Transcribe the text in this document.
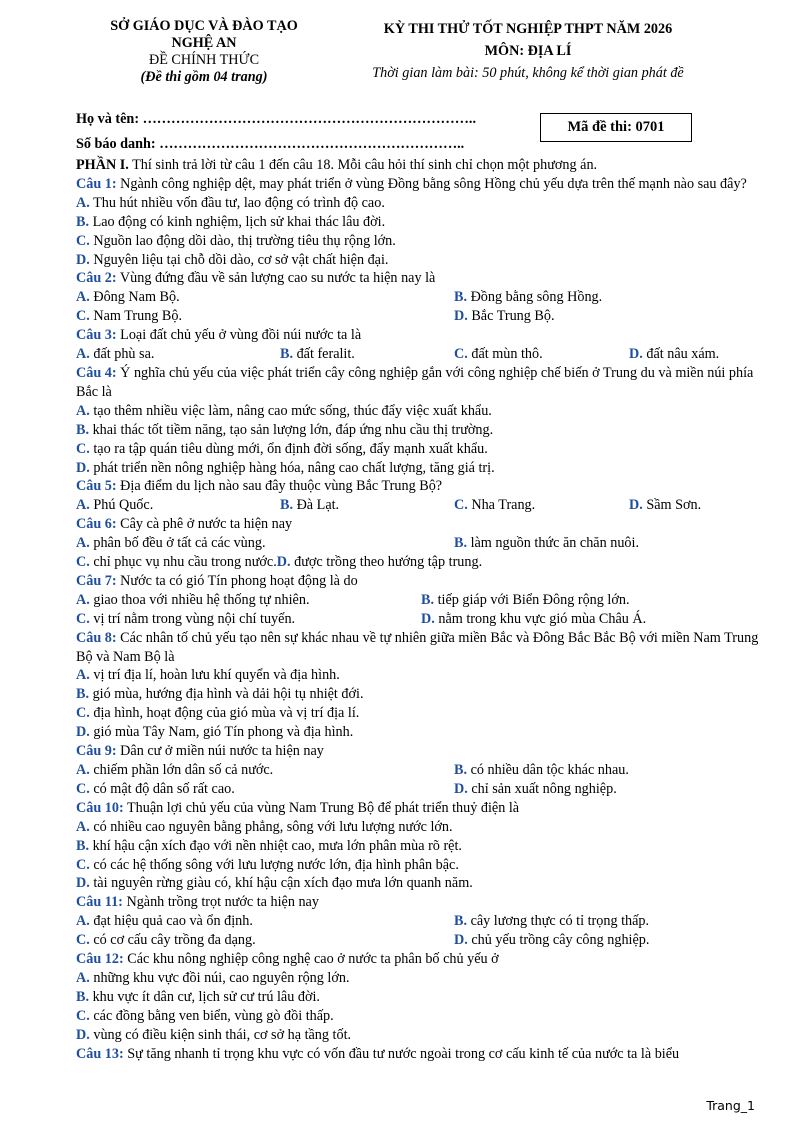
SỞ GIÁO DỤC VÀ ĐÀO TẠO
NGHỆ AN
ĐỀ CHÍNH THỨC
(Đề thi gồm 04 trang)
KỲ THI THỬ TỐT NGHIỆP THPT NĂM 2026
MÔN: ĐỊA LÍ
Thời gian làm bài: 50 phút, không kể thời gian phát đề
Họ và tên: ……………………………………………………………..
Số báo danh: ………………………………………………………..
Mã đề thi: 0701

PHẦN I. Thí sinh trả lời từ câu 1 đến câu 18. Mỗi câu hỏi thí sinh chỉ chọn một phương án.

Câu 1: Ngành công nghiệp dệt, may phát triển ở vùng Đồng bằng sông Hồng chủ yếu dựa trên thế mạnh nào sau đây?

A. Thu hút nhiều vốn đầu tư, lao động có trình độ cao.
B. Lao động có kinh nghiệm, lịch sử khai thác lâu đời.
C. Nguồn lao động dồi dào, thị trường tiêu thụ rộng lớn.
D. Nguyên liệu tại chỗ dồi dào, cơ sở vật chất hiện đại.

Câu 2: Vùng đứng đầu về sản lượng cao su nước ta hiện nay là

A. Đông Nam Bộ.	B. Đồng bằng sông Hồng.
C. Nam Trung Bộ.	D. Bắc Trung Bộ.

Câu 3: Loại đất chủ yếu ở vùng đồi núi nước ta là

A. đất phù sa.	B. đất feralit.	C. đất mùn thô.	D. đất nâu xám.

Câu 4: Ý nghĩa chủ yếu của việc phát triển cây công nghiệp gắn với công nghiệp chế biến ở Trung du và miền núi phía Bắc là

A. tạo thêm nhiều việc làm, nâng cao mức sống, thúc đẩy việc xuất khẩu.
B. khai thác tốt tiềm năng, tạo sản lượng lớn, đáp ứng nhu cầu thị trường.
C. tạo ra tập quán tiêu dùng mới, ổn định đời sống, đẩy mạnh xuất khẩu.
D. phát triển nền nông nghiệp hàng hóa, nâng cao chất lượng, tăng giá trị.

Câu 5: Địa điểm du lịch nào sau đây thuộc vùng Bắc Trung Bộ?

A. Phú Quốc.	B. Đà Lạt.	C. Nha Trang.	D. Sầm Sơn.

Câu 6: Cây cà phê ở nước ta hiện nay

A. phân bố đều ở tất cả các vùng.	B. làm nguồn thức ăn chăn nuôi.
C. chỉ phục vụ nhu cầu trong nước. D. được trồng theo hướng tập trung.

Câu 7: Nước ta có gió Tín phong hoạt động là do

A. giao thoa với nhiều hệ thống tự nhiên.	B. tiếp giáp với Biển Đông rộng lớn.
C. vị trí nằm trong vùng nội chí tuyến.	D. nằm trong khu vực gió mùa Châu Á.

Câu 8: Các nhân tố chủ yếu tạo nên sự khác nhau về tự nhiên giữa miền Bắc và Đông Bắc Bắc Bộ với miền Nam Trung Bộ và Nam Bộ là

A. vị trí địa lí, hoàn lưu khí quyển và địa hình.
B. gió mùa, hướng địa hình và dải hội tụ nhiệt đới.
C. địa hình, hoạt động của gió mùa và vị trí địa lí.
D. gió mùa Tây Nam, gió Tín phong và địa hình.

Câu 9: Dân cư ở miền núi nước ta hiện nay

A. chiếm phần lớn dân số cả nước.	B. có nhiều dân tộc khác nhau.
C. có mật độ dân số rất cao.	D. chỉ sản xuất nông nghiệp.

Câu 10: Thuận lợi chủ yếu của vùng Nam Trung Bộ để phát triển thuỷ điện là

A. có nhiều cao nguyên bằng phẳng, sông với lưu lượng nước lớn.
B. khí hậu cận xích đạo với nền nhiệt cao, mưa lớn phân mùa rõ rệt.
C. có các hệ thống sông với lưu lượng nước lớn, địa hình phân bậc.
D. tài nguyên rừng giàu có, khí hậu cận xích đạo mưa lớn quanh năm.

Câu 11: Ngành trồng trọt nước ta hiện nay

A. đạt hiệu quả cao và ổn định.	B. cây lương thực có tỉ trọng thấp.
C. có cơ cấu cây trồng đa dạng.	D. chủ yếu trồng cây công nghiệp.

Câu 12: Các khu nông nghiệp công nghệ cao ở nước ta phân bố chủ yếu ở

A. những khu vực đồi núi, cao nguyên rộng lớn.
B. khu vực ít dân cư, lịch sử cư trú lâu đời.
C. các đồng bằng ven biển, vùng gò đồi thấp.
D. vùng có điều kiện sinh thái, cơ sở hạ tầng tốt.

Câu 13: Sự tăng nhanh tỉ trọng khu vực có vốn đầu tư nước ngoài trong cơ cấu kinh tế của nước ta là biểu

Trang_1
